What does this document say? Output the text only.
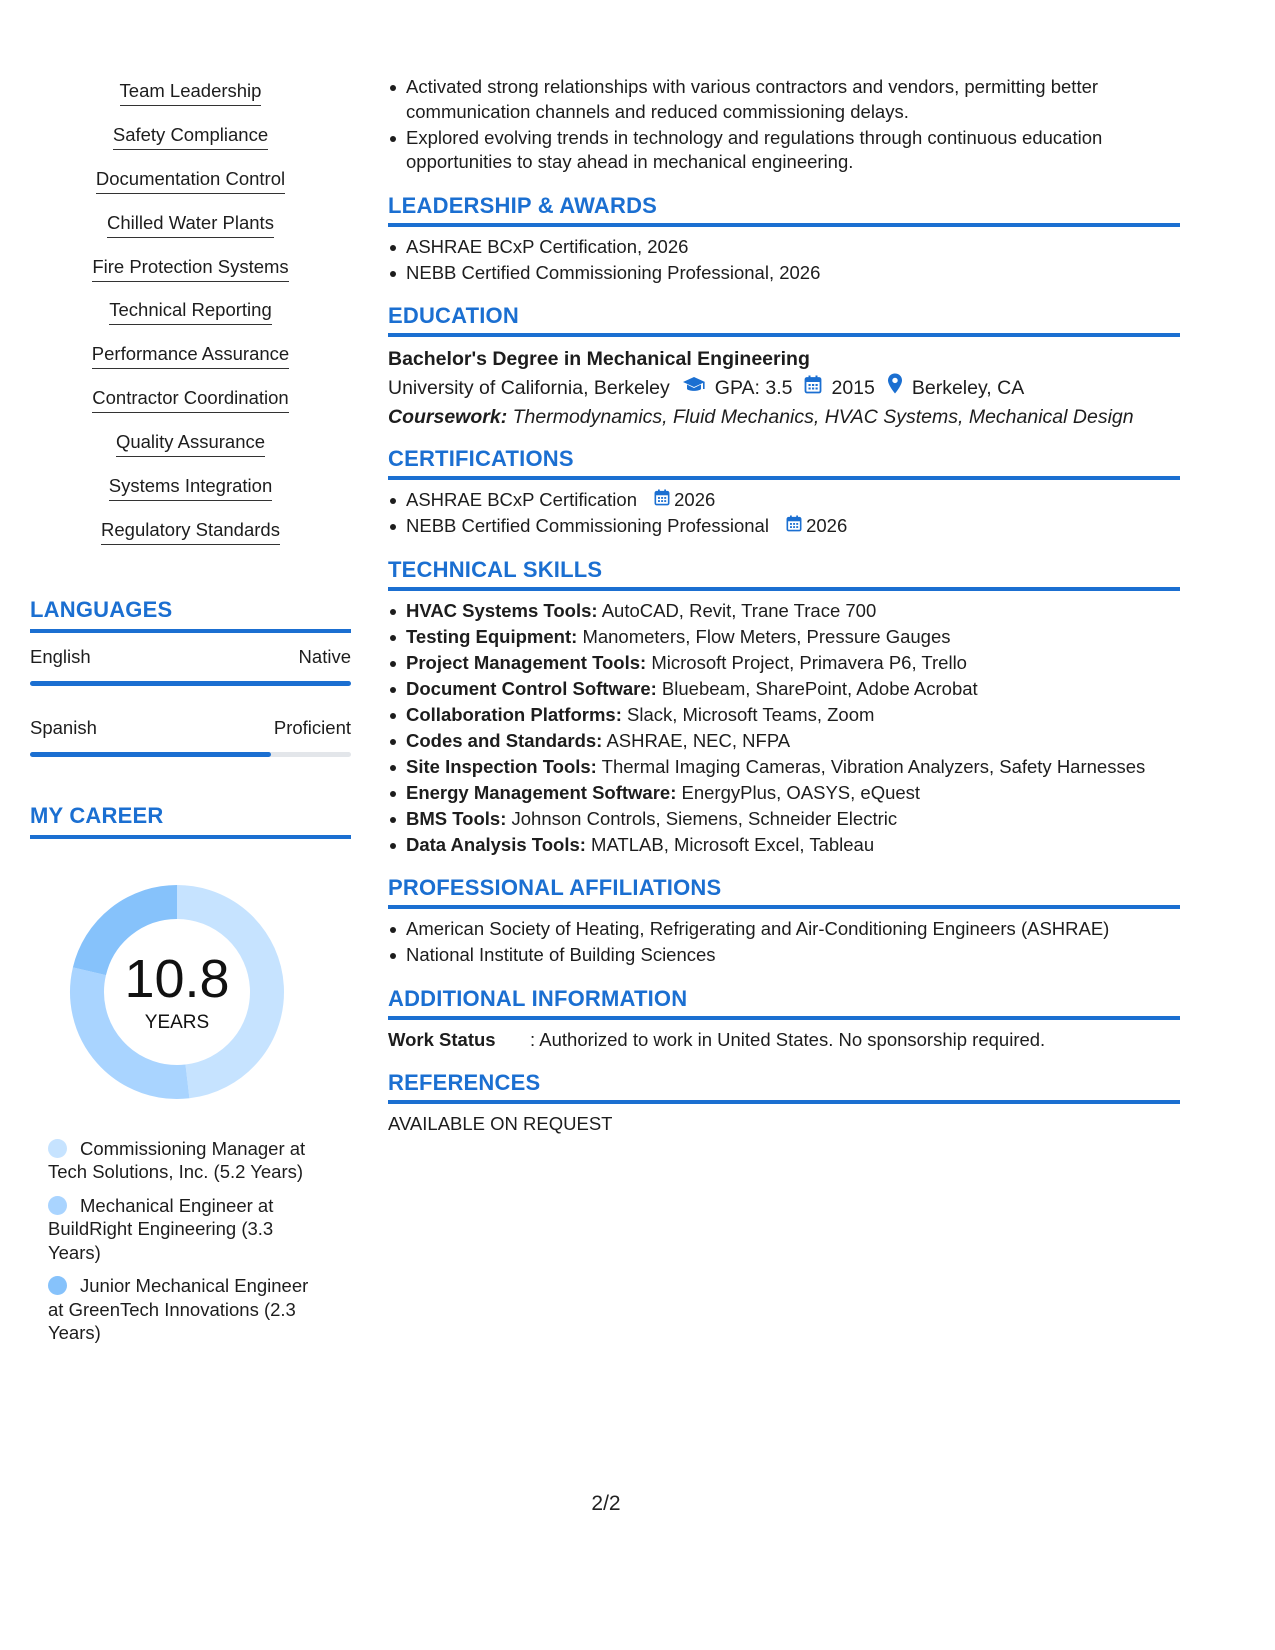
Team Leadership
Safety Compliance
Documentation Control
Chilled Water Plants
Fire Protection Systems
Technical Reporting
Performance Assurance
Contractor Coordination
Quality Assurance
Systems Integration
Regulatory Standards
LANGUAGES
English	Native
Spanish	Proficient
MY CAREER
10.8
YEARS
Commissioning Manager at Tech Solutions, Inc. (5.2 Years)
Mechanical Engineer at BuildRight Engineering (3.3 Years)
Junior Mechanical Engineer at GreenTech Innovations (2.3 Years)
Activated strong relationships with various contractors and vendors, permitting better communication channels and reduced commissioning delays.
Explored evolving trends in technology and regulations through continuous education opportunities to stay ahead in mechanical engineering.
LEADERSHIP & AWARDS
ASHRAE BCxP Certification, 2026
NEBB Certified Commissioning Professional, 2026
EDUCATION
Bachelor's Degree in Mechanical Engineering
University of California, Berkeley GPA: 3.5 2015 Berkeley, CA
Coursework: Thermodynamics, Fluid Mechanics, HVAC Systems, Mechanical Design
CERTIFICATIONS
ASHRAE BCxP Certification 2026
NEBB Certified Commissioning Professional 2026
TECHNICAL SKILLS
HVAC Systems Tools: AutoCAD, Revit, Trane Trace 700
Testing Equipment: Manometers, Flow Meters, Pressure Gauges
Project Management Tools: Microsoft Project, Primavera P6, Trello
Document Control Software: Bluebeam, SharePoint, Adobe Acrobat
Collaboration Platforms: Slack, Microsoft Teams, Zoom
Codes and Standards: ASHRAE, NEC, NFPA
Site Inspection Tools: Thermal Imaging Cameras, Vibration Analyzers, Safety Harnesses
Energy Management Software: EnergyPlus, OASYS, eQuest
BMS Tools: Johnson Controls, Siemens, Schneider Electric
Data Analysis Tools: MATLAB, Microsoft Excel, Tableau
PROFESSIONAL AFFILIATIONS
American Society of Heating, Refrigerating and Air-Conditioning Engineers (ASHRAE)
National Institute of Building Sciences
ADDITIONAL INFORMATION
Work Status	: Authorized to work in United States. No sponsorship required.
REFERENCES
AVAILABLE ON REQUEST
2/2
